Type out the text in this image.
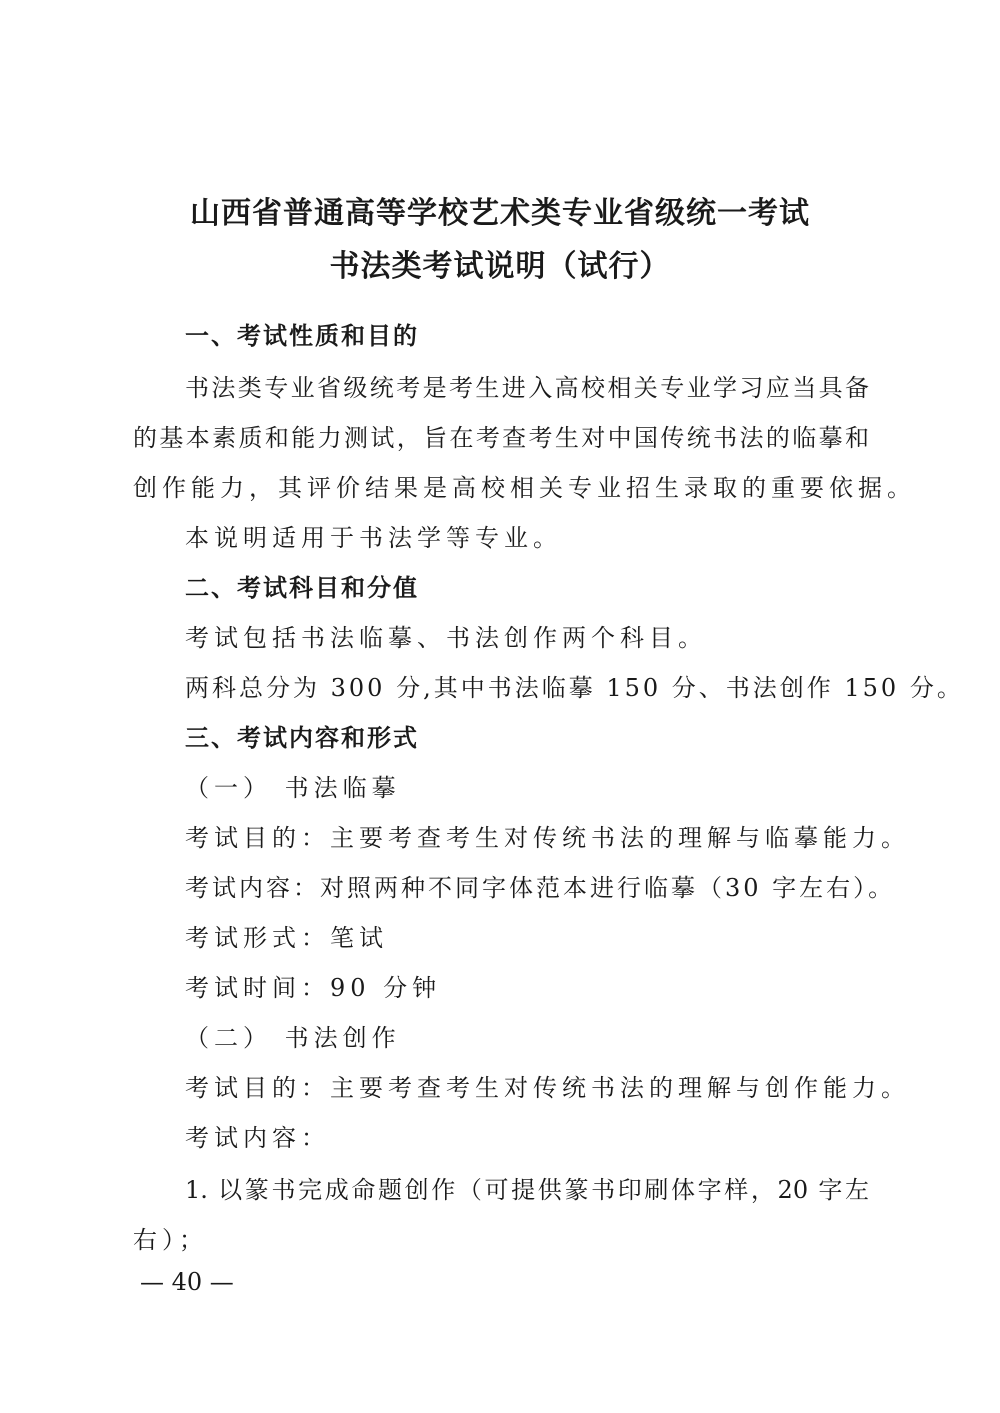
山西省普通高等学校艺术类专业省级统一考试
书法类考试说明（试行）
一、考试性质和目的
书法类专业省级统考是考生进入高校相关专业学习应当具备
的基本素质和能力测试，旨在考查考生对中国传统书法的临摹和
创作能力，其评价结果是高校相关专业招生录取的重要依据。
本说明适用于书法学等专业。
二、考试科目和分值
考试包括书法临摹、书法创作两个科目。
两科总分为 300 分,其中书法临摹 150 分、书法创作 150 分。
三、考试内容和形式
（一） 书法临摹
考试目的：主要考查考生对传统书法的理解与临摹能力。
考试内容：对照两种不同字体范本进行临摹（30 字左右）。
考试形式：笔试
考试时间：90 分钟
（二） 书法创作
考试目的：主要考查考生对传统书法的理解与创作能力。
考试内容：
1. 以篆书完成命题创作（可提供篆书印刷体字样，20 字左
右）；
— 40 —
